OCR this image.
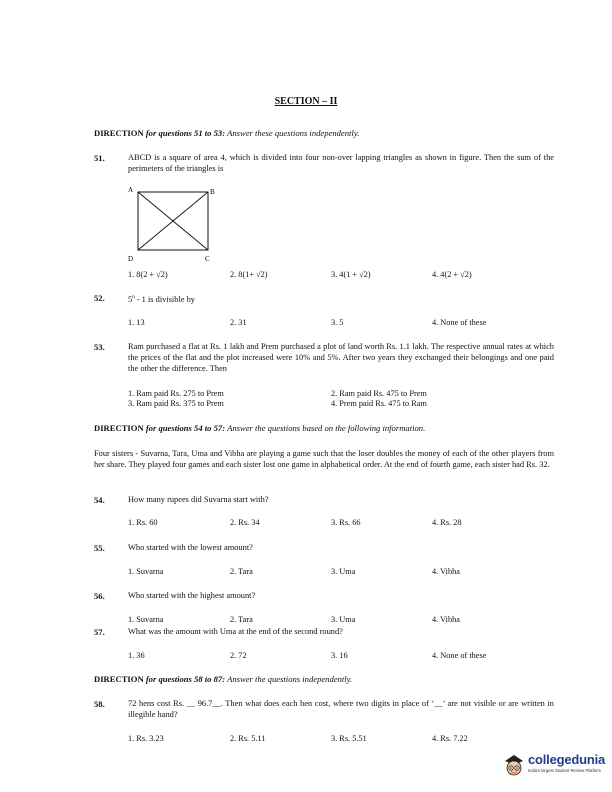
SECTION – II
DIRECTION for questions 51 to 53: Answer these questions independently.
51.	ABCD is a square of area 4, which is divided into four non-over lapping triangles as shown in figure. Then the sum of the perimeters of the triangles is
A	B
D	C
1. 8(2 + √2)	2. 8(1+ √2)	3. 4(1 + √2)	4. 4(2 + √2)
52.	5$^n$ - 1 is divisible by
1. 13	2. 31	3. 5	4. None of these
53.	Ram purchased a flat at Rs. 1 lakh and Prem purchased a plot of land worth Rs. 1.1 lakh. The respective annual rates at which the prices of the flat and the plot increased were 10% and 5%. After two years they exchanged their belongings and one paid the other the difference. Then
1. Ram paid Rs. 275 to Prem	2. Ram paid Rs. 475 to Prem
3. Ram paid Rs. 375 to Prem	4. Prem paid Rs. 475 to Ram
DIRECTION for questions 54 to 57: Answer the questions based on the following information.
Four sisters - Suvarna, Tara, Uma and Vibha are playing a game such that the loser doubles the money of each of the other players from her share. They played four games and each sister lost one game in alphabetical order. At the end of fourth game, each sister had Rs. 32.
54.	How many rupees did Suvarna start with?
1. Rs. 60	2. Rs. 34	3. Rs. 66	4. Rs. 28
55.	Who started with the lowest amount?
1. Suvarna	2. Tara	3. Uma	4. Vibha
56.	Who started with the highest amount?
1. Suvarna	2. Tara	3. Uma	4. Vibha
57.	What was the amount with Uma at the end of the second round?
1. 36	2. 72	3. 16	4. None of these
DIRECTION for questions 58 to 87: Answer the questions independently.
58.	72 hens cost Rs. __ 96.7__. Then what does each hen cost, where two digits in place of ‘__’ are not visible or are written in illegible hand?
1. Rs. 3.23	2. Rs. 5.11	3. Rs. 5.51	4. Rs. 7.22
collegedunia
India's largest Student Review Platform
